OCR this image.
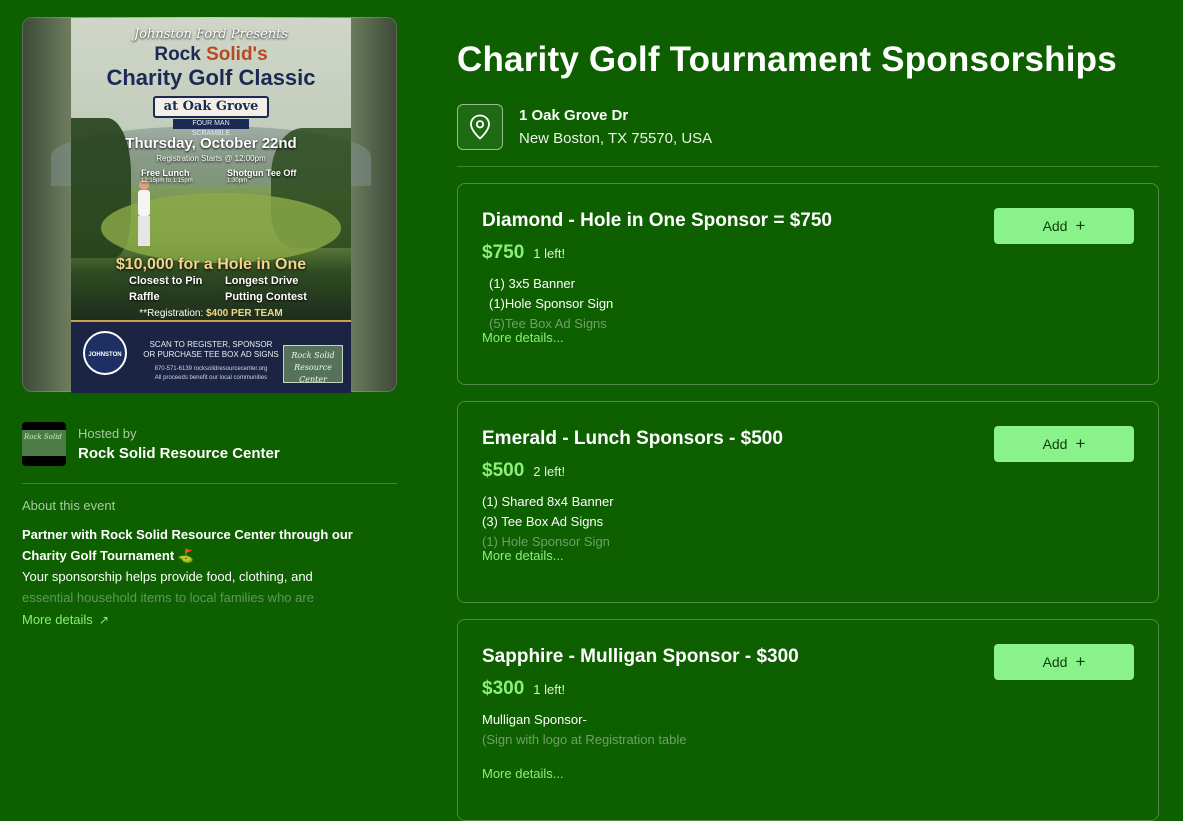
Johnston Ford Presents
Rock Solid's
Charity Golf Classic
at Oak Grove
FOUR MAN SCRAMBLE
Thursday, October 22nd
Registration Starts @ 12:00pm
Free Lunch
12:15pm to 1:15pm
Shotgun Tee Off
1:30pm
$10,000 for a Hole in One
Closest to Pin Longest Drive
Raffle	Putting Contest
**Registration: $400 PER TEAM
JOHNSTON
SCAN TO REGISTER, SPONSOR
OR PURCHASE TEE BOX AD SIGNS
870-571-6139 rocksolidresourcecenter.org
All proceeds benefit our local communities
Rock Solid Resource Center
Rock Solid Hosted by
Rock Solid Resource Center
About this event
Partner with Rock Solid Resource Center through our Charity Golf Tournament ⛳
Your sponsorship helps provide food, clothing, and
essential household items to local families who are
More details ↗
Charity Golf Tournament Sponsorships
1 Oak Grove Dr
New Boston, TX 75570, USA
Diamond - Hole in One Sponsor = $750
$750 1 left!
(1) 3x5 Banner
(1)Hole Sponsor Sign
(5)Tee Box Ad Signs
More details...
Add +
Emerald - Lunch Sponsors - $500
$500 2 left!
(1) Shared 8x4 Banner
(3) Tee Box Ad Signs
(1) Hole Sponsor Sign
More details...
Add +
Sapphire - Mulligan Sponsor - $300
$300 1 left!
Mulligan Sponsor-
(Sign with logo at Registration table
More details...
Add +
